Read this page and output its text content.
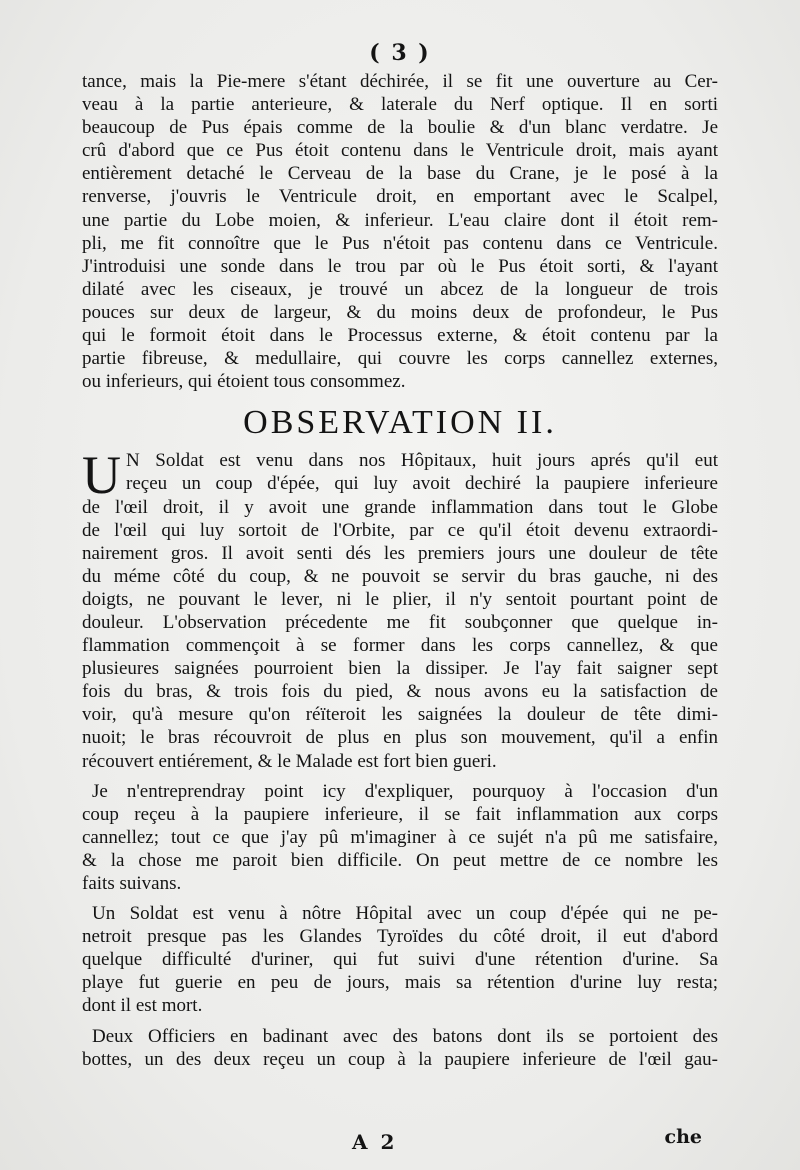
( 3 )
tance, mais la Pie-mere s'étant déchirée, il se fit une ouverture au Cer-
veau à la partie anterieure, & laterale du Nerf optique. Il en sorti
beaucoup de Pus épais comme de la boulie & d'un blanc verdatre. Je
crû d'abord que ce Pus étoit contenu dans le Ventricule droit, mais ayant
entièrement detaché le Cerveau de la base du Crane, je le posé à la
renverse, j'ouvris le Ventricule droit, en emportant avec le Scalpel,
une partie du Lobe moien, & inferieur. L'eau claire dont il étoit rem-
pli, me fit connoître que le Pus n'étoit pas contenu dans ce Ventricule.
J'introduisi une sonde dans le trou par où le Pus étoit sorti, & l'ayant
dilaté avec les ciseaux, je trouvé un abcez de la longueur de trois
pouces sur deux de largeur, & du moins deux de profondeur, le Pus
qui le formoit étoit dans le Processus externe, & étoit contenu par la
partie fibreuse, & medullaire, qui couvre les corps cannellez externes,
ou inferieurs, qui étoient tous consommez.
OBSERVATION II.
U N Soldat est venu dans nos Hôpitaux, huit jours aprés qu'il eut
reçeu un coup d'épée, qui luy avoit dechiré la paupiere inferieure
de l'œil droit, il y avoit une grande inflammation dans tout le Globe
de l'œil qui luy sortoit de l'Orbite, par ce qu'il étoit devenu extraordi-
nairement gros. Il avoit senti dés les premiers jours une douleur de tête
du méme côté du coup, & ne pouvoit se servir du bras gauche, ni des
doigts, ne pouvant le lever, ni le plier, il n'y sentoit pourtant point de
douleur. L'observation précedente me fit soubçonner que quelque in-
flammation commençoit à se former dans les corps cannellez, & que
plusieures saignées pourroient bien la dissiper. Je l'ay fait saigner sept
fois du bras, & trois fois du pied, & nous avons eu la satisfaction de
voir, qu'à mesure qu'on réïteroit les saignées la douleur de tête dimi-
nuoit; le bras récouvroit de plus en plus son mouvement, qu'il a enfin
récouvert entiérement, & le Malade est fort bien gueri.
Je n'entreprendray point icy d'expliquer, pourquoy à l'occasion d'un
coup reçeu à la paupiere inferieure, il se fait inflammation aux corps
cannellez; tout ce que j'ay pû m'imaginer à ce sujét n'a pû me satisfaire,
& la chose me paroit bien difficile. On peut mettre de ce nombre les
faits suivans.
Un Soldat est venu à nôtre Hôpital avec un coup d'épée qui ne pe-
netroit presque pas les Glandes Tyroïdes du côté droit, il eut d'abord
quelque difficulté d'uriner, qui fut suivi d'une rétention d'urine. Sa
playe fut guerie en peu de jours, mais sa rétention d'urine luy resta;
dont il est mort.
Deux Officiers en badinant avec des batons dont ils se portoient des
bottes, un des deux reçeu un coup à la paupiere inferieure de l'œil gau-
A 2	che
